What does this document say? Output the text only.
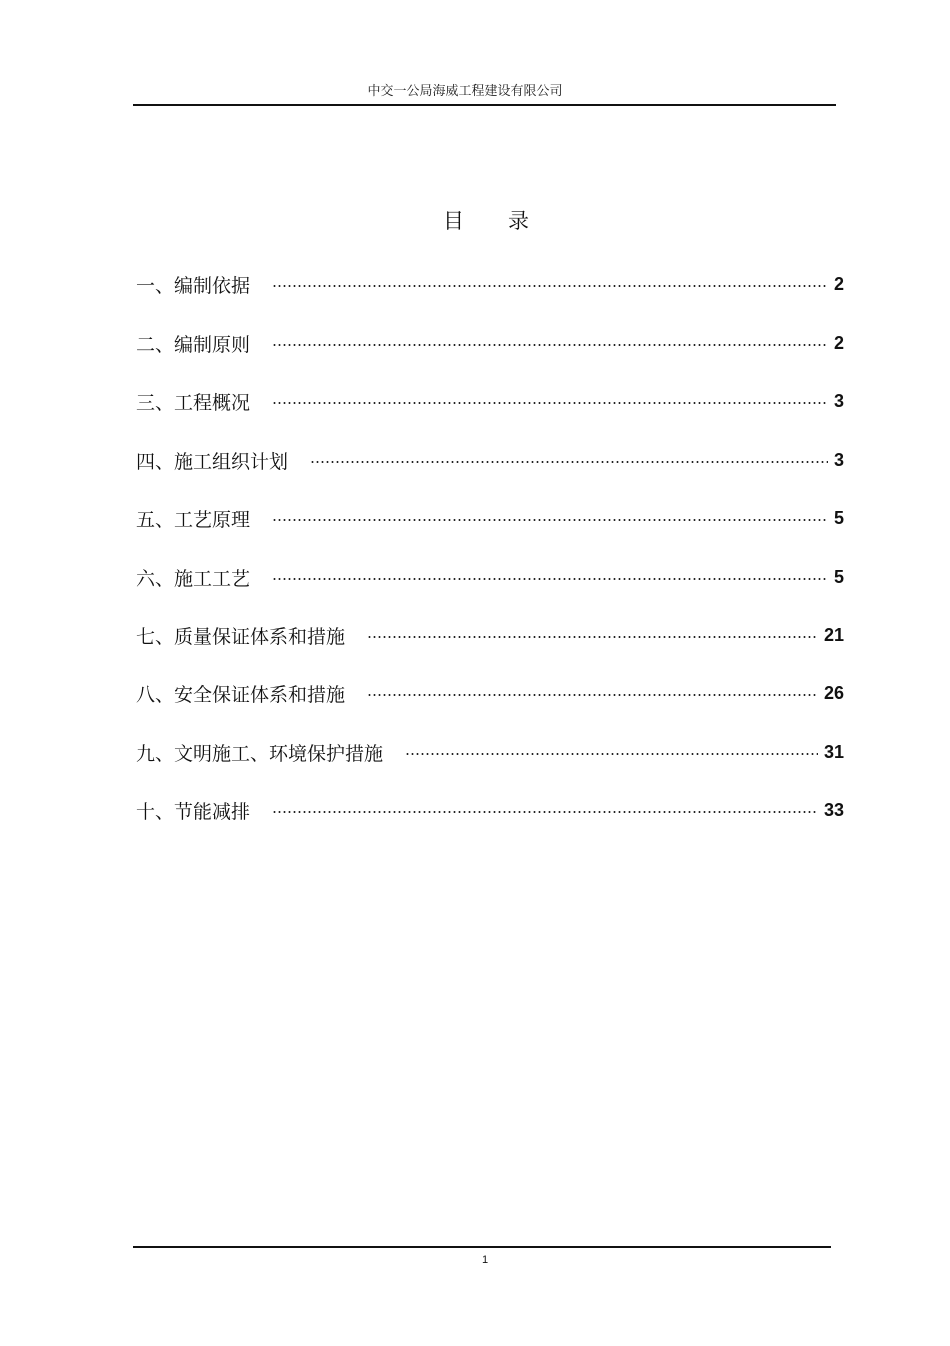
中交一公局海威工程建设有限公司
目 录
一、编制依据	2
二、编制原则	2
三、工程概况	3
四、施工组织计划	3
五、工艺原理	5
六、施工工艺	5
七、质量保证体系和措施	21
八、安全保证体系和措施	26
九、文明施工、环境保护措施	31
十、节能减排	33
1
